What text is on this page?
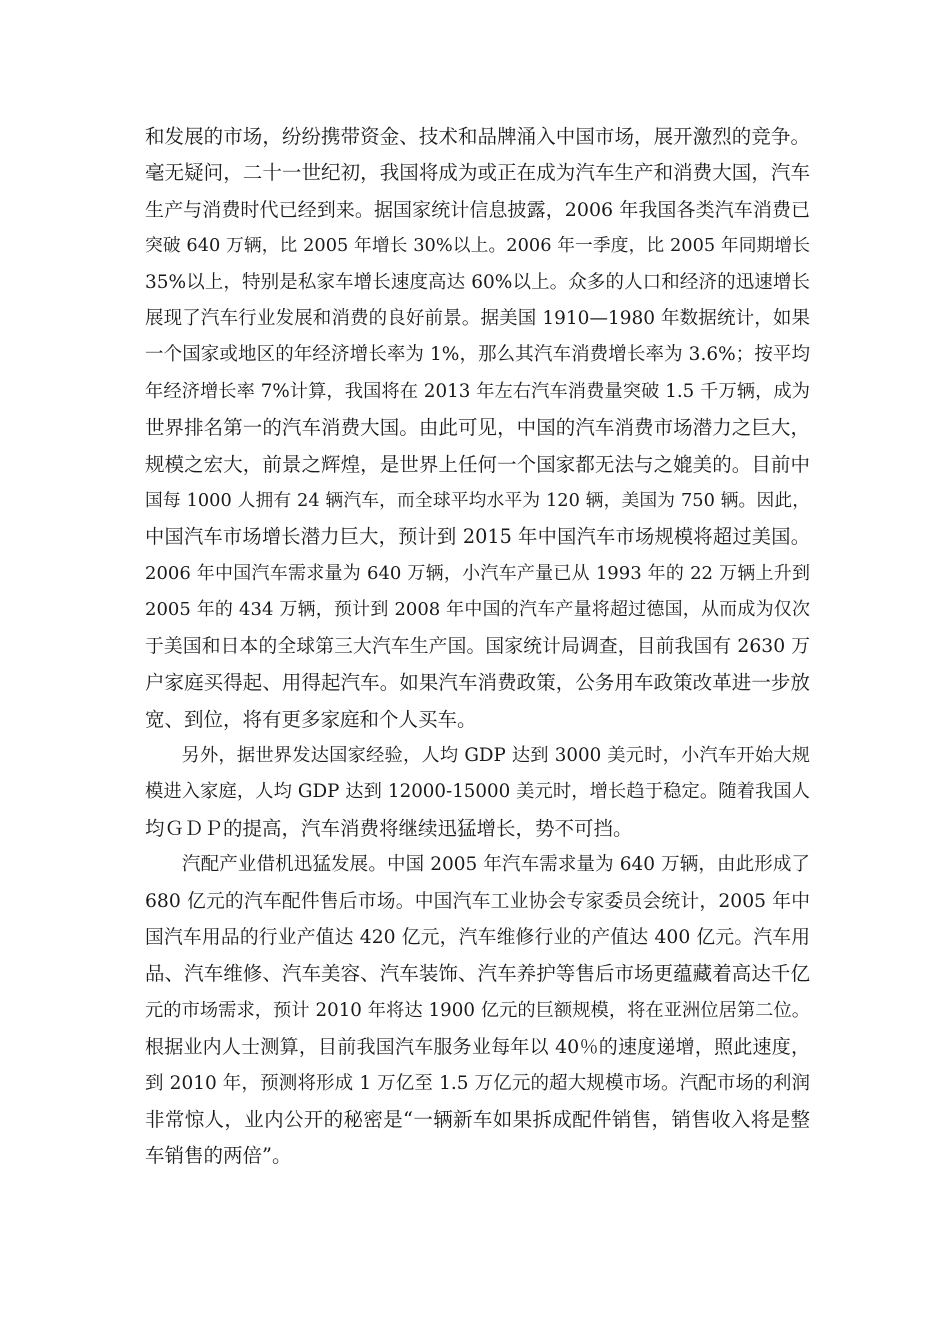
和发展的市场，纷纷携带资金、技术和品牌涌入中国市场，展开激烈的竞争。
毫无疑问，二十一世纪初，我国将成为或正在成为汽车生产和消费大国，汽车
生产与消费时代已经到来。据国家统计信息披露，2006 年我国各类汽车消费已
突破 640 万辆，比 2005 年增长 30%以上。2006 年一季度，比 2005 年同期增长
35%以上，特别是私家车增长速度高达 60%以上。众多的人口和经济的迅速增长
展现了汽车行业发展和消费的良好前景。据美国 1910—1980 年数据统计，如果
一个国家或地区的年经济增长率为 1%，那么其汽车消费增长率为 3.6%；按平均
年经济增长率 7%计算，我国将在 2013 年左右汽车消费量突破 1.5 千万辆，成为
世界排名第一的汽车消费大国。由此可见，中国的汽车消费市场潜力之巨大，
规模之宏大，前景之辉煌，是世界上任何一个国家都无法与之媲美的。目前中
国每 1000 人拥有 24 辆汽车，而全球平均水平为 120 辆，美国为 750 辆。因此，
中国汽车市场增长潜力巨大，预计到 2015 年中国汽车市场规模将超过美国。
2006 年中国汽车需求量为 640 万辆，小汽车产量已从 1993 年的 22 万辆上升到
2005 年的 434 万辆，预计到 2008 年中国的汽车产量将超过德国，从而成为仅次
于美国和日本的全球第三大汽车生产国。国家统计局调查，目前我国有 2630 万
户家庭买得起、用得起汽车。如果汽车消费政策，公务用车政策改革进一步放
宽、到位，将有更多家庭和个人买车。

另外，据世界发达国家经验，人均 GDP 达到 3000 美元时，小汽车开始大规
模进入家庭，人均 GDP 达到 12000-15000 美元时，增长趋于稳定。随着我国人
均ＧＤＰ的提高，汽车消费将继续迅猛增长，势不可挡。

汽配产业借机迅猛发展。中国 2005 年汽车需求量为 640 万辆，由此形成了
680 亿元的汽车配件售后市场。中国汽车工业协会专家委员会统计，2005 年中
国汽车用品的行业产值达 420 亿元，汽车维修行业的产值达 400 亿元。汽车用
品、汽车维修、汽车美容、汽车装饰、汽车养护等售后市场更蕴藏着高达千亿
元的市场需求，预计 2010 年将达 1900 亿元的巨额规模，将在亚洲位居第二位。
根据业内人士测算，目前我国汽车服务业每年以 40％的速度递增，照此速度，
到 2010 年，预测将形成 1 万亿至 1.5 万亿元的超大规模市场。汽配市场的利润
非常惊人，业内公开的秘密是“一辆新车如果拆成配件销售，销售收入将是整
车销售的两倍”。
